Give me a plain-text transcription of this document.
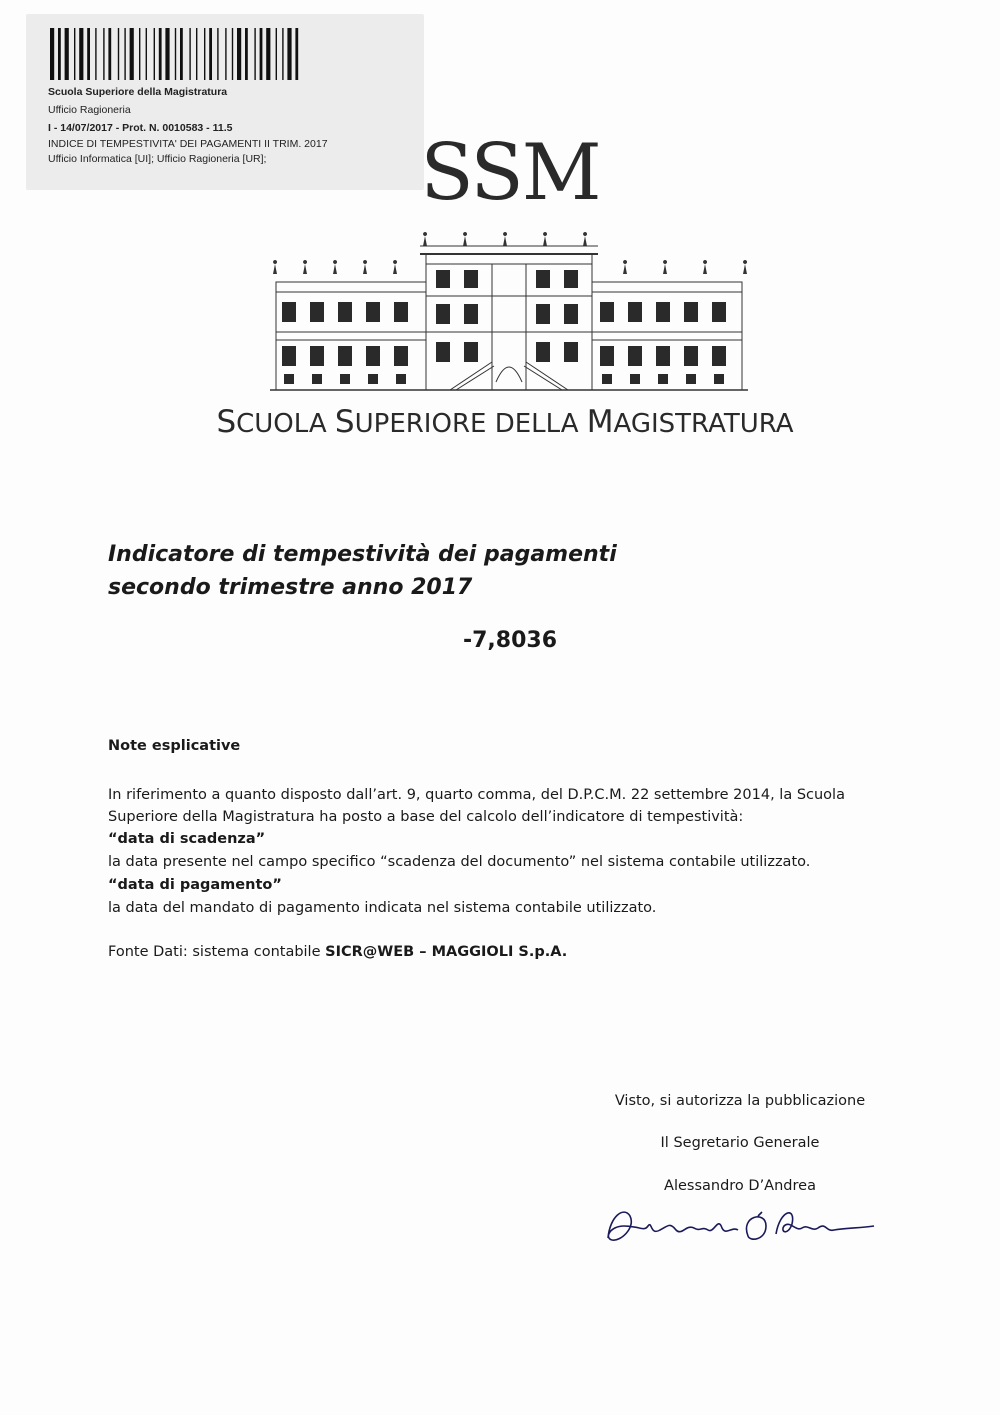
Scuola Superiore della Magistratura
Ufficio Ragioneria
I - 14/07/2017 - Prot. N. 0010583 - 11.5
INDICE DI TEMPESTIVITA' DEI PAGAMENTI II TRIM. 2017
Ufficio Informatica [UI]; Ufficio Ragioneria [UR]; SSM
SCUOLA SUPERIORE DELLA MAGISTRATURA
Indicatore di tempestività dei pagamenti
secondo trimestre anno 2017
-7,8036
Note esplicative
In riferimento a quanto disposto dall’art. 9, quarto comma, del D.P.C.M. 22 settembre 2014, la Scuola
Superiore della Magistratura ha posto a base del calcolo dell’indicatore di tempestività:
“data di scadenza”
la data presente nel campo specifico “scadenza del documento” nel sistema contabile utilizzato.
“data di pagamento”
la data del mandato di pagamento indicata nel sistema contabile utilizzato.
Fonte Dati: sistema contabile SICR@WEB – MAGGIOLI S.p.A.
Visto, si autorizza la pubblicazione
Il Segretario Generale
Alessandro D’Andrea
